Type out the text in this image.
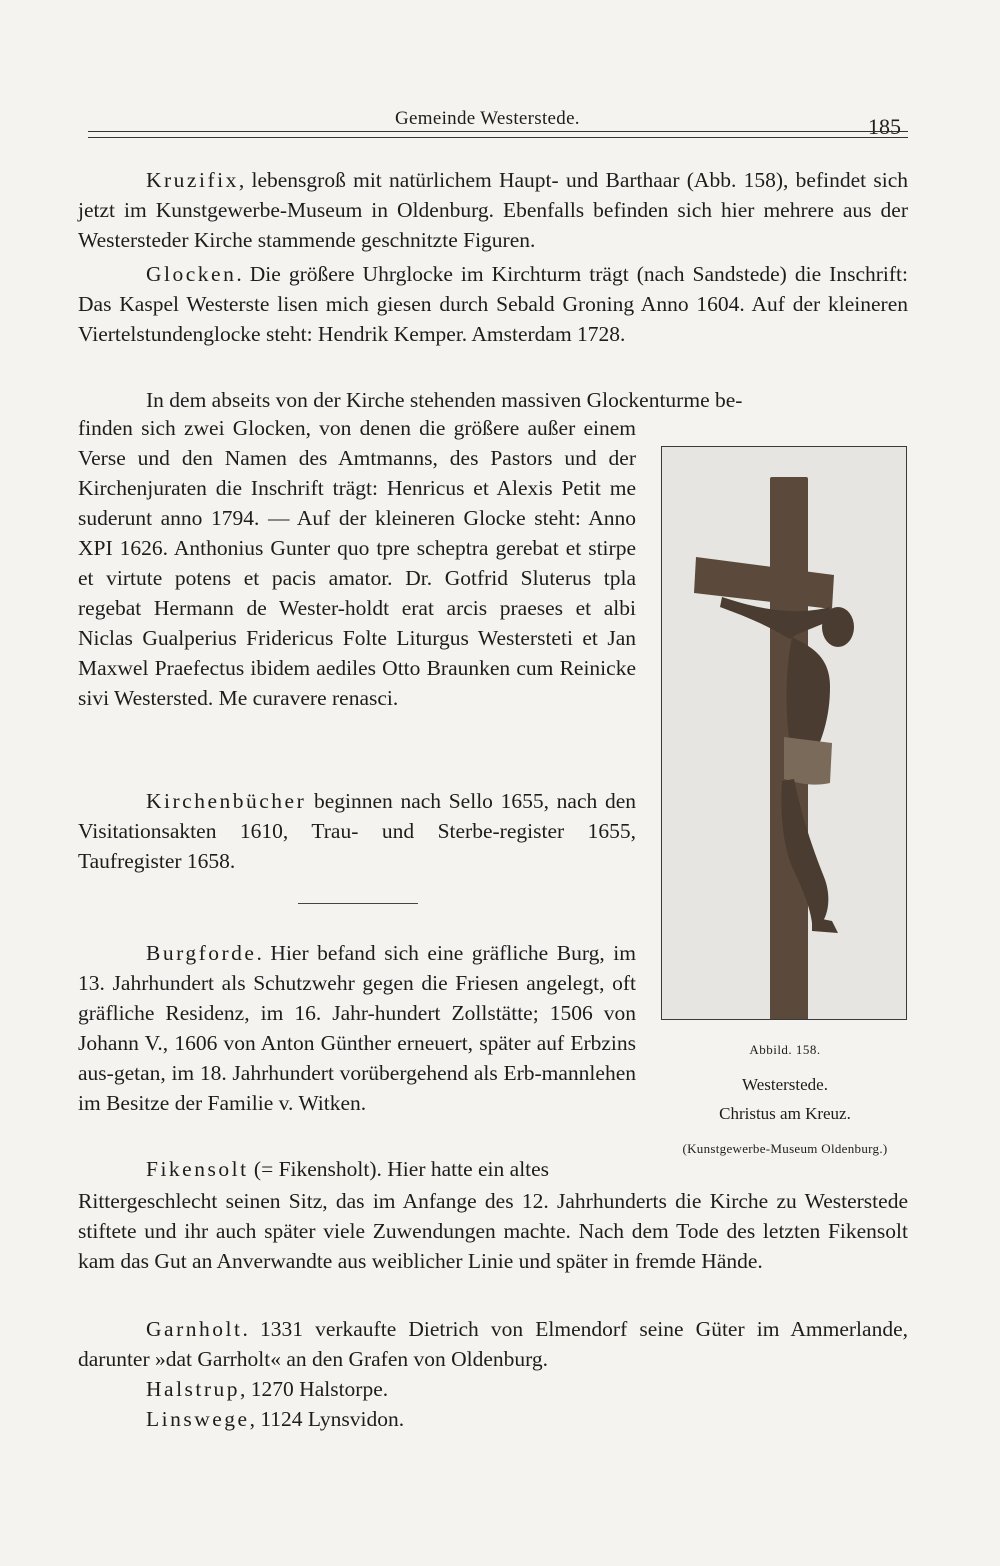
Gemeinde Westerstede.	185

Kruzifix, lebensgroß mit natürlichem Haupt- und Barthaar (Abb. 158), befindet sich jetzt im Kunstgewerbe-Museum in Oldenburg. Ebenfalls befinden sich hier mehrere aus der Westersteder Kirche stammende geschnitzte Figuren.

Glocken. Die größere Uhrglocke im Kirchturm trägt (nach Sandstede) die Inschrift: Das Kaspel Westerste lisen mich giesen durch Sebald Groning Anno 1604. Auf der kleineren Viertelstundenglocke steht: Hendrik Kemper. Amsterdam 1728.

In dem abseits von der Kirche stehenden massiven Glockenturme be-

finden sich zwei Glocken, von denen die größere außer einem Verse und den Namen des Amtmanns, des Pastors und der Kirchenjuraten die Inschrift trägt: Henricus et Alexis Petit me suderunt anno 1794. — Auf der kleineren Glocke steht: Anno XPI 1626. Anthonius Gunter quo tpre scheptra gerebat et stirpe et virtute potens et pacis amator. Dr. Gotfrid Sluterus tpla regebat Hermann de Wester-holdt erat arcis praeses et albi Niclas Gualperius Fridericus Folte Liturgus Westersteti et Jan Maxwel Praefectus ibidem aediles Otto Braunken cum Reinicke sivi Westersted. Me curavere renasci.

Kirchenbücher beginnen nach Sello 1655, nach den Visitationsakten 1610, Trau- und Sterbe-register 1655, Taufregister 1658.

Burgforde. Hier befand sich eine gräfliche Burg, im 13. Jahrhundert als Schutzwehr gegen die Friesen angelegt, oft gräfliche Residenz, im 16. Jahr-hundert Zollstätte; 1506 von Johann V., 1606 von Anton Günther erneuert, später auf Erbzins aus-getan, im 18. Jahrhundert vorübergehend als Erb-mannlehen im Besitze der Familie v. Witken.

Fikensolt (= Fikensholt). Hier hatte ein altes

Rittergeschlecht seinen Sitz, das im Anfange des 12. Jahrhunderts die Kirche zu Westerstede stiftete und ihr auch später viele Zuwendungen machte. Nach dem Tode des letzten Fikensolt kam das Gut an Anverwandte aus weiblicher Linie und später in fremde Hände.

Garnholt. 1331 verkaufte Dietrich von Elmendorf seine Güter im Ammerlande, darunter »dat Garrholt« an den Grafen von Oldenburg.

Halstrup, 1270 Halstorpe.

Linswege, 1124 Lynsvidon.

Abbild. 158.

Westerstede.

Christus am Kreuz.

(Kunstgewerbe-Museum Oldenburg.)
